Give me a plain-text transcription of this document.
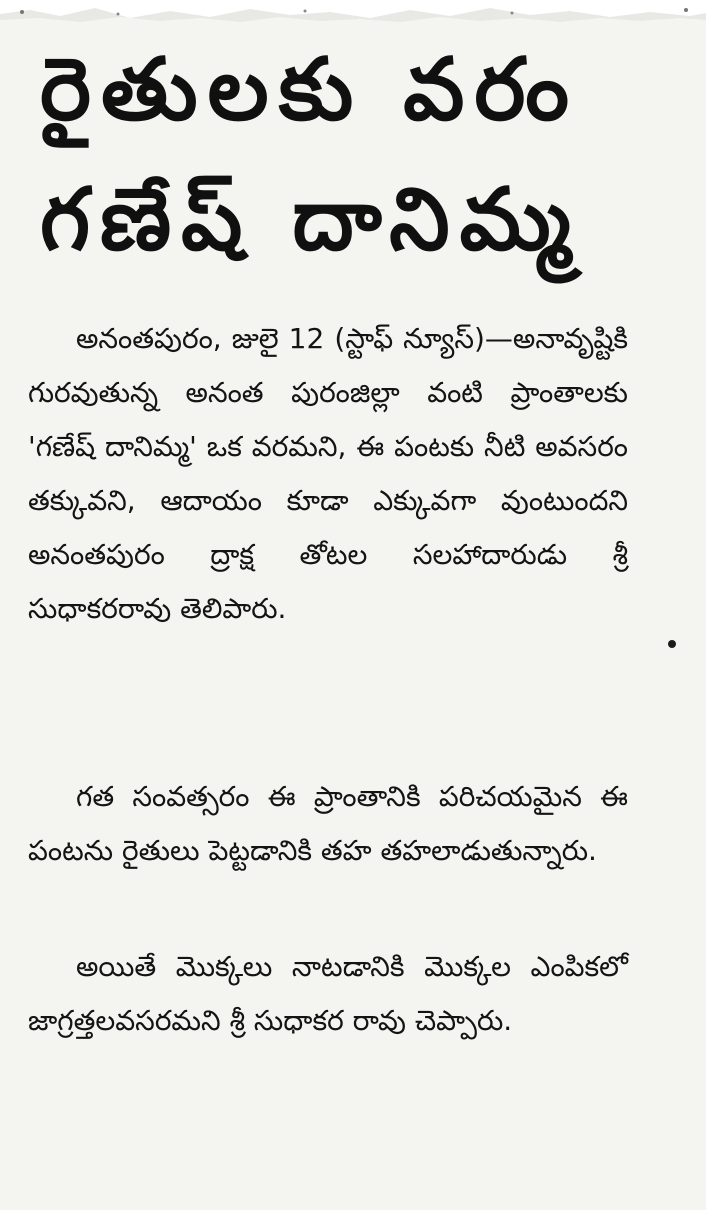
రైతులకు వరం
గణేష్ దానిమ్మ

అనంతపురం, జులై 12 (స్టాఫ్ న్యూస్)—అనావృష్టికి గురవుతున్న అనంత పురంజిల్లా వంటి ప్రాంతాలకు 'గణేష్ దానిమ్మ' ఒక వరమని, ఈ పంటకు నీటి అవసరం తక్కువని, ఆదాయం కూడా ఎక్కువగా వుంటుందని అనంతపురం ద్రాక్ష తోటల సలహాదారుడు శ్రీ సుధాకరరావు తెలిపారు.

గత సంవత్సరం ఈ ప్రాంతానికి పరిచయమైన ఈ పంటను రైతులు పెట్టడానికి తహ తహలాడుతున్నారు.

అయితే మొక్కలు నాటడానికి మొక్కల ఎంపికలో జాగ్రత్తలవసరమని శ్రీ సుధాకర రావు చెప్పారు.
